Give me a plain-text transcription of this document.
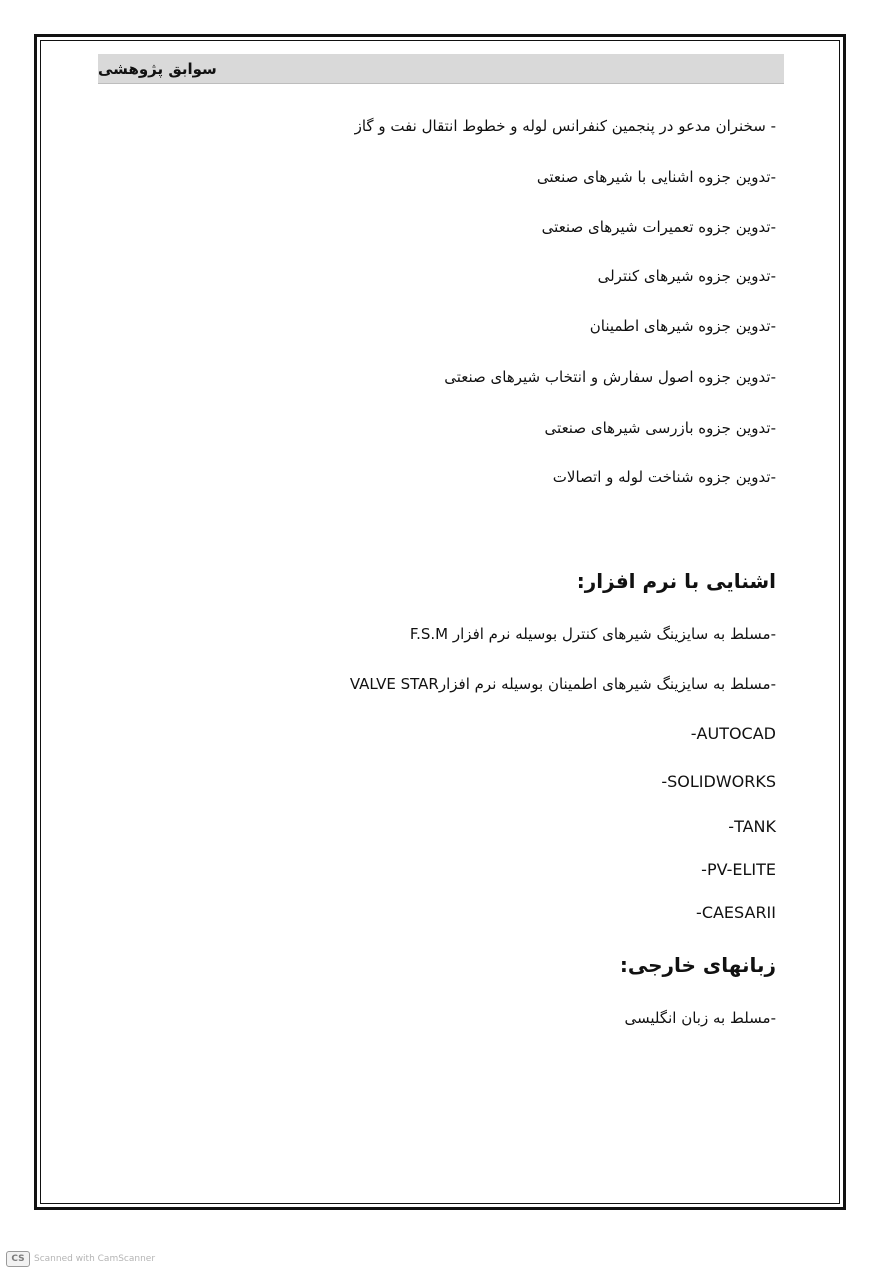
سوابق پژوهشی
- سخنران مدعو در پنجمین کنفرانس لوله و خطوط انتقال نفت و گاز
-تدوین جزوه اشنایی با شیرهای صنعتی
-تدوین جزوه تعمیرات شیرهای صنعتی
-تدوین جزوه شیرهای کنترلی
-تدوین جزوه شیرهای اطمینان
-تدوین جزوه اصول سفارش و انتخاب شیرهای صنعتی
-تدوین جزوه بازرسی شیرهای صنعتی
-تدوین جزوه شناخت لوله و اتصالات
اشنایی با نرم افزار:
-مسلط به سایزینگ شیرهای کنترل بوسیله نرم افزار F.S.M
-مسلط به سایزینگ شیرهای اطمینان بوسیله نرم افزارVALVE STAR
AUTOCAD-
SOLIDWORKS-
TANK-
PV-ELITE-
CAESARII-
زبانهای خارجی:
-مسلط به زبان انگلیسی
CS	Scanned with CamScanner
